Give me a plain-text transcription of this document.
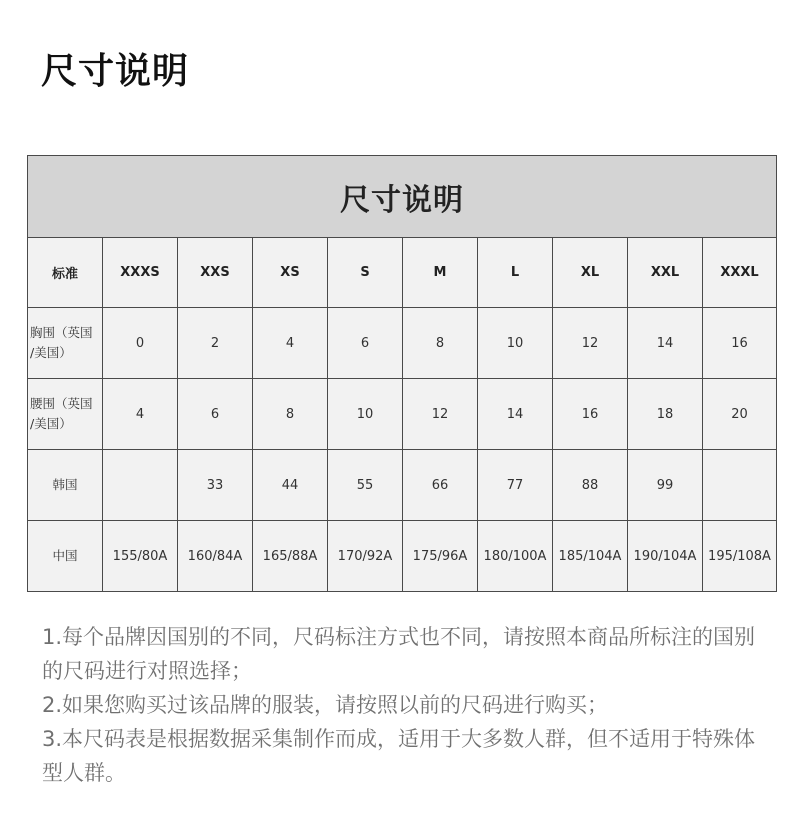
尺寸说明
尺寸说明									
标准	XXXS	XXS	XS	S	M	L	XL	XXL	XXXL
胸围（英国
/美国）	0	2	4	6	8	10	12	14	16
腰围（英国
/美国）	4	6	8	10	12	14	16	18	20
韩国		33	44	55	66	77	88	99	
中国	155/80A	160/84A	165/88A	170/92A	175/96A	180/100A	185/104A	190/104A	195/108A

1.每个品牌因国别的不同，尺码标注方式也不同，请按照本商品所标注的国别的尺码进行对照选择；

2.如果您购买过该品牌的服装，请按照以前的尺码进行购买；

3.本尺码表是根据数据采集制作而成，适用于大多数人群，但不适用于特殊体型人群。
